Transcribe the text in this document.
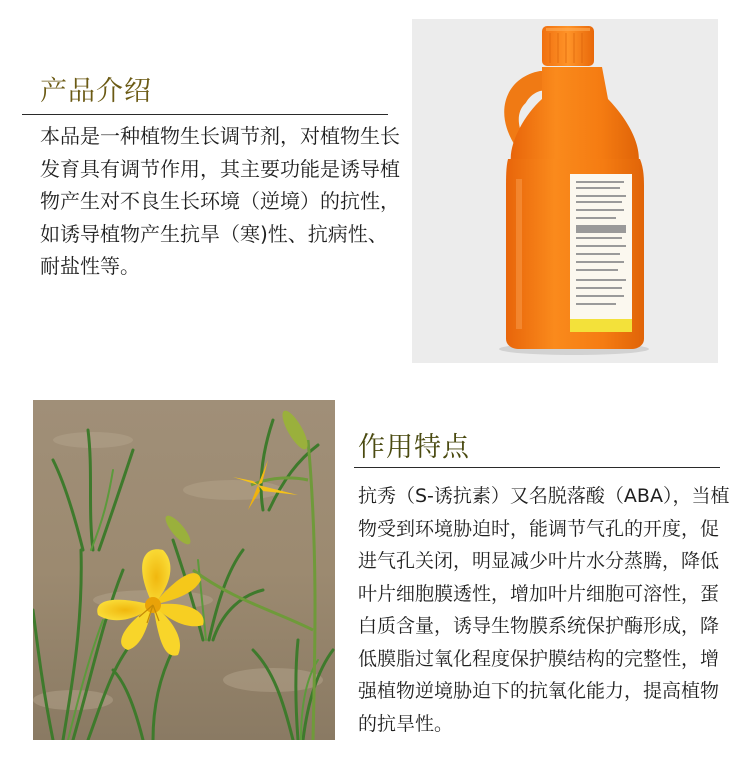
产品介绍
本品是一种植物生长调节剂，对植物生长发育具有调节作用，其主要功能是诱导植物产生对不良生长环境（逆境）的抗性，如诱导植物产生抗旱（寒)性、抗病性、耐盐性等。
作用特点
抗秀（S-诱抗素）又名脱落酸（ABA），当植物受到环境胁迫时，能调节气孔的开度，促进气孔关闭，明显减少叶片水分蒸腾，降低叶片细胞膜透性，增加叶片细胞可溶性，蛋白质含量，诱导生物膜系统保护酶形成，降低膜脂过氧化程度保护膜结构的完整性，增强植物逆境胁迫下的抗氧化能力，提高植物的抗旱性。
